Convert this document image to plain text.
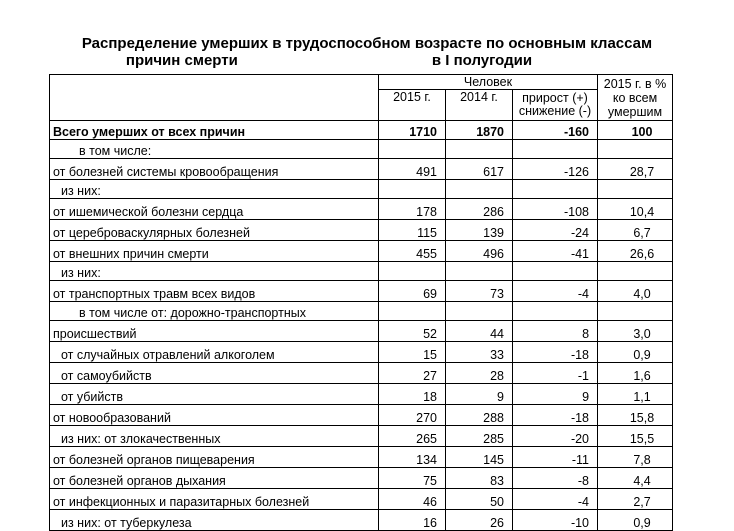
Распределение умерших в трудоспособном возрасте по основным классам
причин смерти	в I полугодии
	Человек			2015 г. в % ко всем умершим
	2015 г.	2014 г.	прирост (+) снижение (-)	
Всего умерших от всех причин	1710	1870	-160	100
в том числе:				
от болезней системы кровообращения	491	617	-126	28,7
из них:				
от ишемической болезни сердца	178	286	-108	10,4
от цереброваскулярных болезней	115	139	-24	6,7
от внешних причин смерти	455	496	-41	26,6
из них:				
от транспортных травм всех видов	69	73	-4	4,0
в том числе от: дорожно-транспортных				
происшествий	52	44	8	3,0
от случайных отравлений алкоголем	15	33	-18	0,9
от самоубийств	27	28	-1	1,6
от убийств	18	9	9	1,1
от новообразований	270	288	-18	15,8
из них: от злокачественных	265	285	-20	15,5
от болезней органов пищеварения	134	145	-11	7,8
от болезней органов дыхания	75	83	-8	4,4
от инфекционных и паразитарных болезней	46	50	-4	2,7
из них: от туберкулеза	16	26	-10	0,9
